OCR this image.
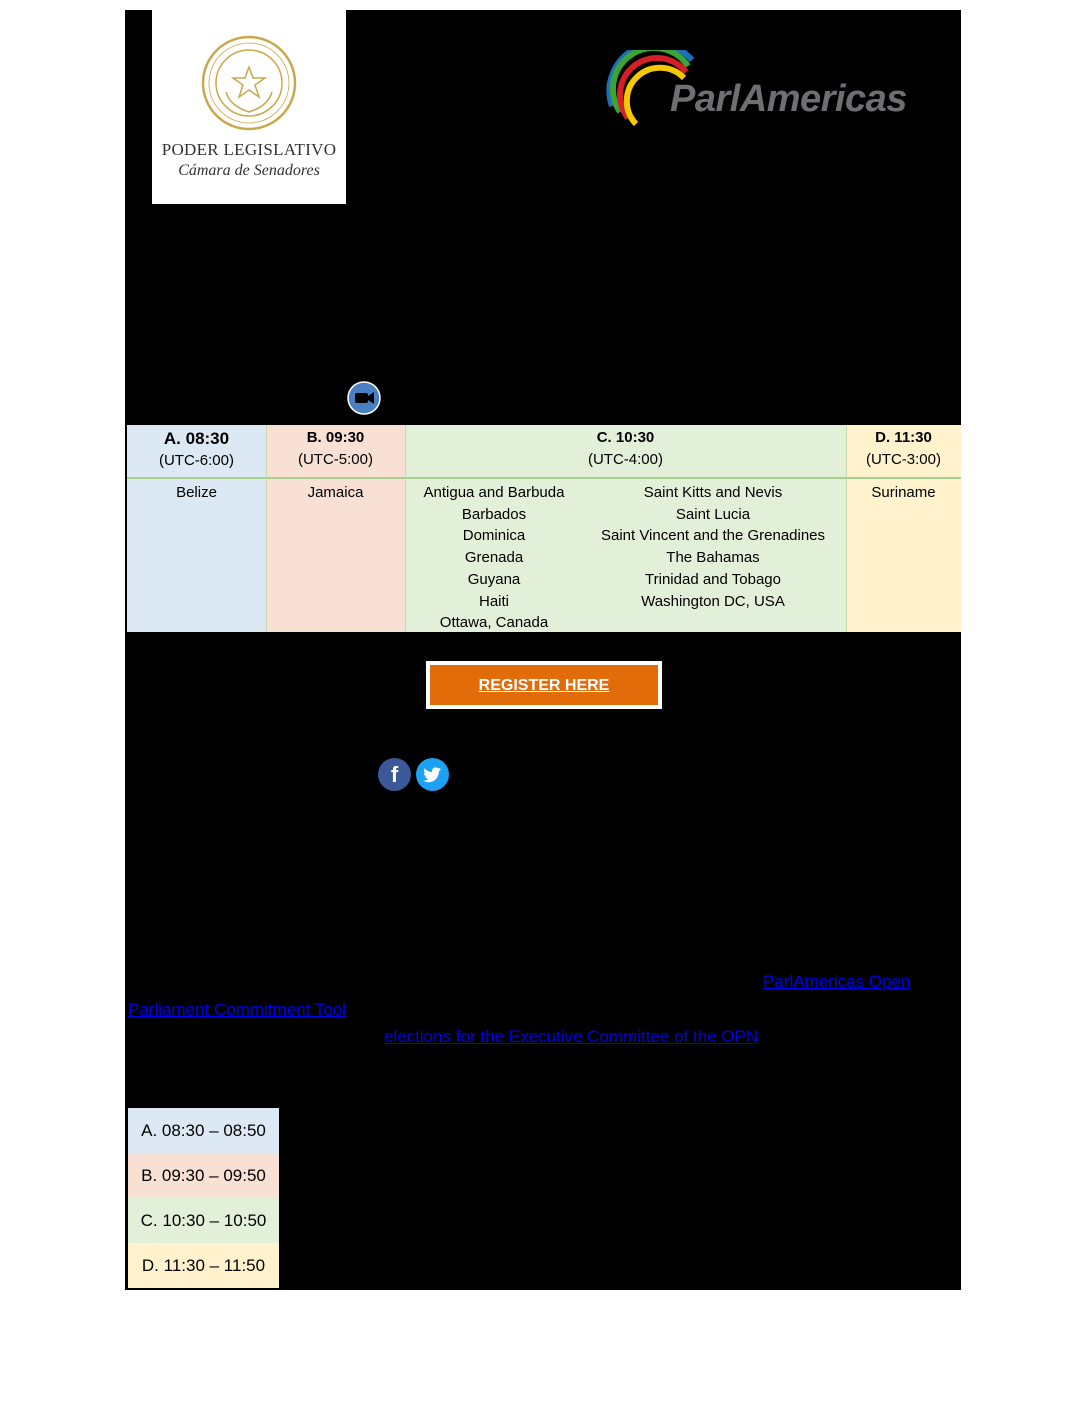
PODER LEGISLATIVO
Cámara de Senadores
ParlAmericas
A. 08:30
(UTC-6:00)
B. 09:30
(UTC-5:00)
C. 10:30
(UTC-4:00)
D. 11:30
(UTC-3:00)
Belize	Jamaica	Antigua and Barbuda
Barbados
Dominica
Grenada
Guyana
Haiti
Ottawa, Canada
Saint Kitts and Nevis
Saint Lucia
Saint Vincent and the Grenadines
The Bahamas
Trinidad and Tobago
Washington DC, USA
Suriname
REGISTER HERE
f
ParlAmericas Open
Parliament Commitment Tool
elections for the Executive Committee of the OPN
A. 08:30 – 08:50
B. 09:30 – 09:50
C. 10:30 – 10:50
D. 11:30 – 11:50
